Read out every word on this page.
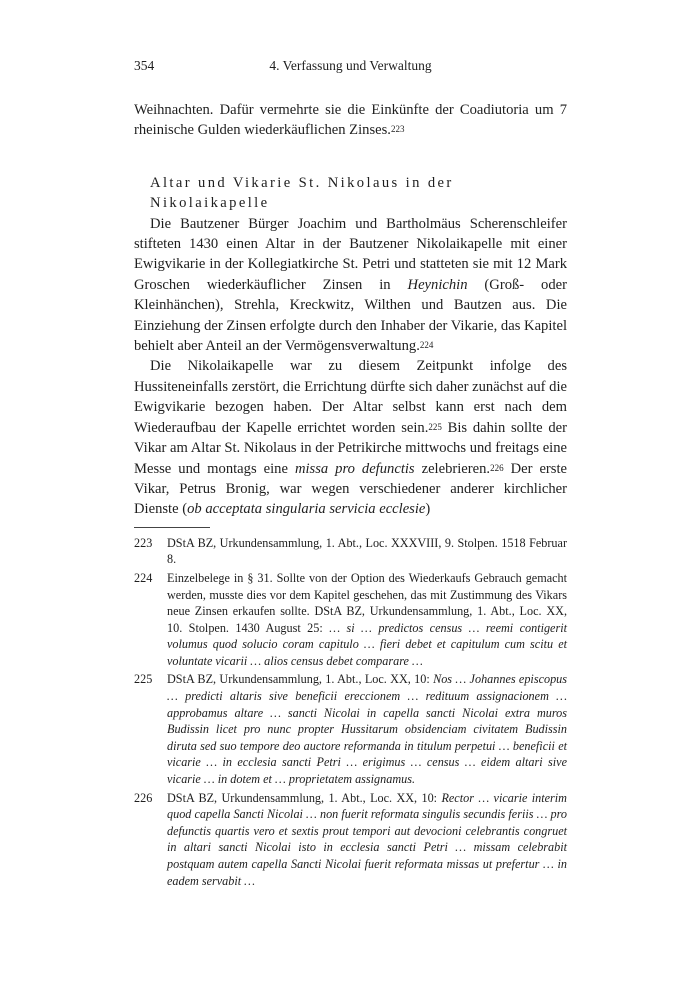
354	4. Verfassung und Verwaltung

Weihnachten. Dafür vermehrte sie die Einkünfte der Coadiutoria um 7 rheinische Gulden wiederkäuflichen Zinses.$^{223}$

Altar und Vikarie St. Nikolaus in der
Nikolaikapelle

Die Bautzener Bürger Joachim und Bartholmäus Scherenschleifer stifteten 1430 einen Altar in der Bautzener Nikolaikapelle mit einer Ewigvikarie in der Kollegiatkirche St. Petri und statteten sie mit 12 Mark Groschen wiederkäuflicher Zinsen in Heynichin (Groß- oder Kleinhänchen), Strehla, Kreckwitz, Wilthen und Bautzen aus. Die Einziehung der Zinsen erfolgte durch den Inhaber der Vikarie, das Kapitel behielt aber Anteil an der Vermögensverwaltung.$^{224}$

Die Nikolaikapelle war zu diesem Zeitpunkt infolge des Hussiteneinfalls zerstört, die Errichtung dürfte sich daher zunächst auf die Ewigvikarie bezogen haben. Der Altar selbst kann erst nach dem Wiederaufbau der Kapelle errichtet worden sein.$^{225}$ Bis dahin sollte der Vikar am Altar St. Nikolaus in der Petrikirche mittwochs und freitags eine Messe und montags eine missa pro defunctis zelebrieren.$^{226}$ Der erste Vikar, Petrus Bronig, war wegen verschiedener anderer kirchlicher Dienste (ob acceptata singularia servicia ecclesie)

223	DStA BZ, Urkundensammlung, 1. Abt., Loc. XXXVIII, 9. Stolpen. 1518 Februar 8.
224	Einzelbelege in § 31. Sollte von der Option des Wiederkaufs Gebrauch gemacht werden, musste dies vor dem Kapitel geschehen, das mit Zustimmung des Vikars neue Zinsen erkaufen sollte. DStA BZ, Urkundensammlung, 1. Abt., Loc. XX, 10. Stolpen. 1430 August 25: … si … predictos census … reemi contigerit volumus quod solucio coram capitulo … fieri debet et capitulum cum scitu et voluntate vicarii … alios census debet comparare …
225	DStA BZ, Urkundensammlung, 1. Abt., Loc. XX, 10: Nos … Johannes episcopus … predicti altaris sive beneficii ereccionem … redituum assignacionem … approbamus altare … sancti Nicolai in capella sancti Nicolai extra muros Budissin licet pro nunc propter Hussitarum obsidenciam civitatem Budissin diruta sed suo tempore deo auctore reformanda in titulum perpetui … beneficii et vicarie … in ecclesia sancti Petri … erigimus … census … eidem altari sive vicarie … in dotem et … proprietatem assignamus.
226	DStA BZ, Urkundensammlung, 1. Abt., Loc. XX, 10: Rector … vicarie interim quod capella Sancti Nicolai … non fuerit reformata singulis secundis feriis … pro defunctis quartis vero et sextis prout tempori aut devocioni celebrantis congruet in altari sancti Nicolai isto in ecclesia sancti Petri … missam celebrabit postquam autem capella Sancti Nicolai fuerit reformata missas ut prefertur … in eadem servabit …
